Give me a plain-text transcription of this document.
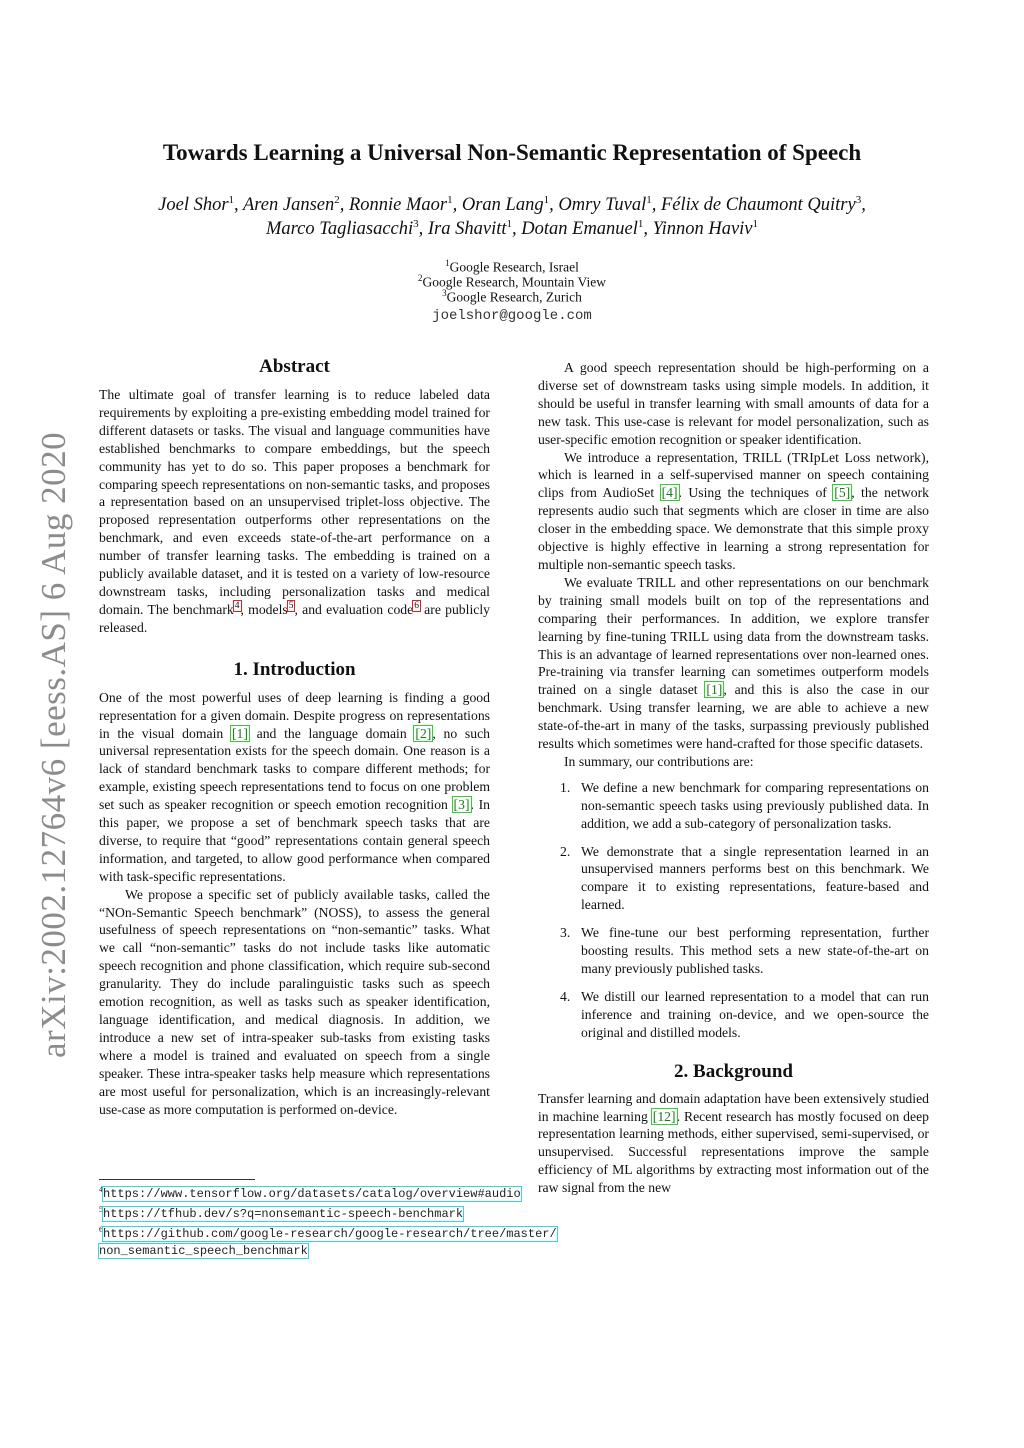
arXiv:2002.12764v6 [eess.AS] 6 Aug 2020
Towards Learning a Universal Non-Semantic Representation of Speech
Joel Shor$^1$, Aren Jansen$^2$, Ronnie Maor$^1$, Oran Lang$^1$, Omry Tuval$^1$, Félix de Chaumont Quitry$^3$,
Marco Tagliasacchi$^3$, Ira Shavitt$^1$, Dotan Emanuel$^1$, Yinnon Haviv$^1$
$^1$Google Research, Israel
$^2$Google Research, Mountain View
$^3$Google Research, Zurich
joelshor@google.com
Abstract

The ultimate goal of transfer learning is to reduce labeled data requirements by exploiting a pre-existing embedding model trained for different datasets or tasks. The visual and language communities have established benchmarks to compare embeddings, but the speech community has yet to do so. This paper proposes a benchmark for comparing speech representations on non-semantic tasks, and proposes a representation based on an unsupervised triplet-loss objective. The proposed representation outperforms other representations on the benchmark, and even exceeds state-of-the-art performance on a number of transfer learning tasks. The embedding is trained on a publicly available dataset, and it is tested on a variety of low-resource downstream tasks, including personalization tasks and medical domain. The benchmark$^4$, models$^5$, and evaluation code$^6$ are publicly released.

1. Introduction

One of the most powerful uses of deep learning is finding a good representation for a given domain. Despite progress on representations in the visual domain [1] and the language domain [2], no such universal representation exists for the speech domain. One reason is a lack of standard benchmark tasks to compare different methods; for example, existing speech representations tend to focus on one problem set such as speaker recognition or speech emotion recognition [3]. In this paper, we propose a set of benchmark speech tasks that are diverse, to require that “good” representations contain general speech information, and targeted, to allow good performance when compared with task-specific representations.

We propose a specific set of publicly available tasks, called the “NOn-Semantic Speech benchmark” (NOSS), to assess the general usefulness of speech representations on “non-semantic” tasks. What we call “non-semantic” tasks do not include tasks like automatic speech recognition and phone classification, which require sub-second granularity. They do include paralinguistic tasks such as speech emotion recognition, as well as tasks such as speaker identification, language identification, and medical diagnosis. In addition, we introduce a new set of intra-speaker sub-tasks from existing tasks where a model is trained and evaluated on speech from a single speaker. These intra-speaker tasks help measure which representations are most useful for personalization, which is an increasingly-relevant use-case as more computation is performed on-device.

A good speech representation should be high-performing on a diverse set of downstream tasks using simple models. In addition, it should be useful in transfer learning with small amounts of data for a new task. This use-case is relevant for model personalization, such as user-specific emotion recognition or speaker identification.

We introduce a representation, TRILL (TRIpLet Loss network), which is learned in a self-supervised manner on speech containing clips from AudioSet [4]. Using the techniques of [5], the network represents audio such that segments which are closer in time are also closer in the embedding space. We demonstrate that this simple proxy objective is highly effective in learning a strong representation for multiple non-semantic speech tasks.

We evaluate TRILL and other representations on our benchmark by training small models built on top of the representations and comparing their performances. In addition, we explore transfer learning by fine-tuning TRILL using data from the downstream tasks. This is an advantage of learned representations over non-learned ones. Pre-training via transfer learning can sometimes outperform models trained on a single dataset [1], and this is also the case in our benchmark. Using transfer learning, we are able to achieve a new state-of-the-art in many of the tasks, surpassing previously published results which sometimes were hand-crafted for those specific datasets.

In summary, our contributions are:

1. We define a new benchmark for comparing representations on non-semantic speech tasks using previously published data. In addition, we add a sub-category of personalization tasks.
2. We demonstrate that a single representation learned in an unsupervised manners performs best on this benchmark. We compare it to existing representations, feature-based and learned.
3. We fine-tune our best performing representation, further boosting results. This method sets a new state-of-the-art on many previously published tasks.
4. We distill our learned representation to a model that can run inference and training on-device, and we open-source the original and distilled models.
2. Background

Transfer learning and domain adaptation have been extensively studied in machine learning [12]. Recent research has mostly focused on deep representation learning methods, either supervised, semi-supervised, or unsupervised. Successful representations improve the sample efficiency of ML algorithms by extracting most information out of the raw signal from the new

$^4$https://www.tensorflow.org/datasets/catalog/overview#audio

$^5$https://tfhub.dev/s?q=nonsemantic-speech-benchmark

$^6$https://github.com/google-research/google-research/tree/master/non_semantic_speech_benchmark
